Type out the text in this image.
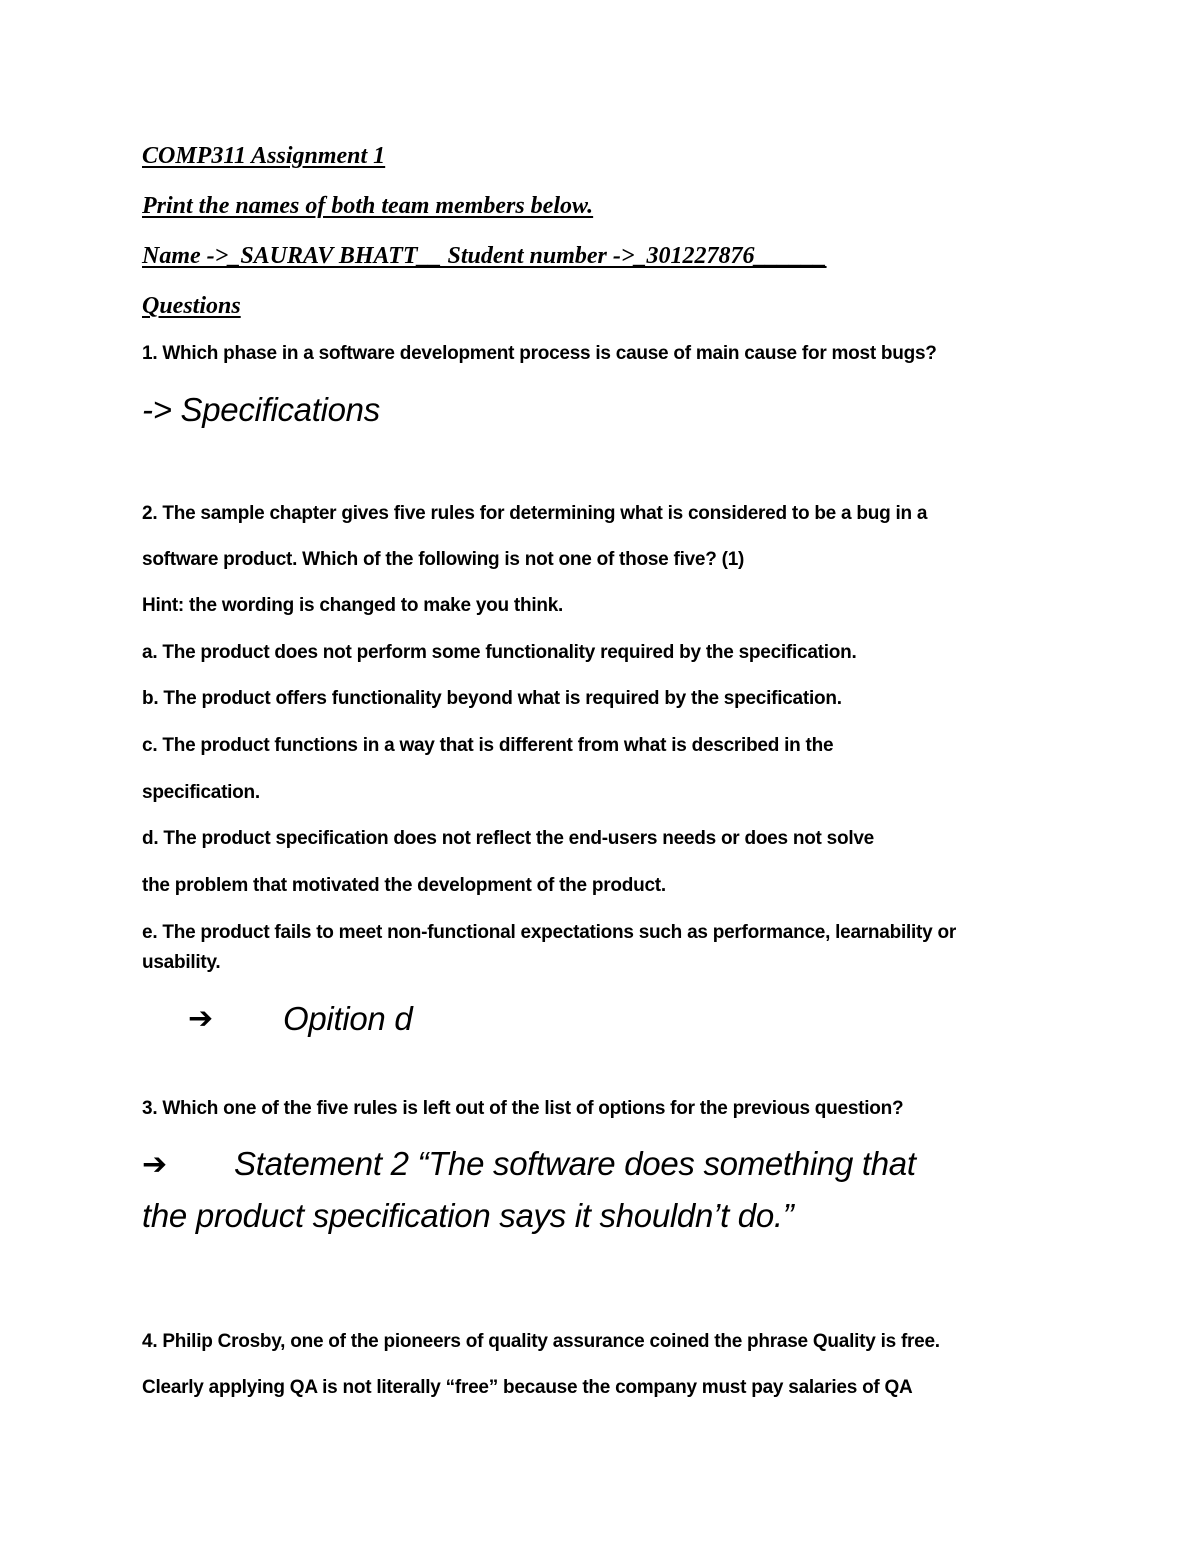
COMP311 Assignment 1
Print the names of both team members below.
Name ->_SAURAV BHATT__ Student number ->_301227876______
Questions
1. Which phase in a software development process is cause of main cause for most bugs?
-> Specifications
2. The sample chapter gives five rules for determining what is considered to be a bug in a
software product. Which of the following is not one of those five? (1)
Hint: the wording is changed to make you think.
a. The product does not perform some functionality required by the specification.
b. The product offers functionality beyond what is required by the specification.
c. The product functions in a way that is different from what is described in the
specification.
d. The product specification does not reflect the end-users needs or does not solve
the problem that motivated the development of the product.
e. The product fails to meet non-functional expectations such as performance, learnability or
usability.
➔ Opition d
3. Which one of the five rules is left out of the list of options for the previous question?
➔ Statement 2 “The software does something that
the product specification says it shouldn’t do.”
4. Philip Crosby, one of the pioneers of quality assurance coined the phrase Quality is free.
Clearly applying QA is not literally “free” because the company must pay salaries of QA
